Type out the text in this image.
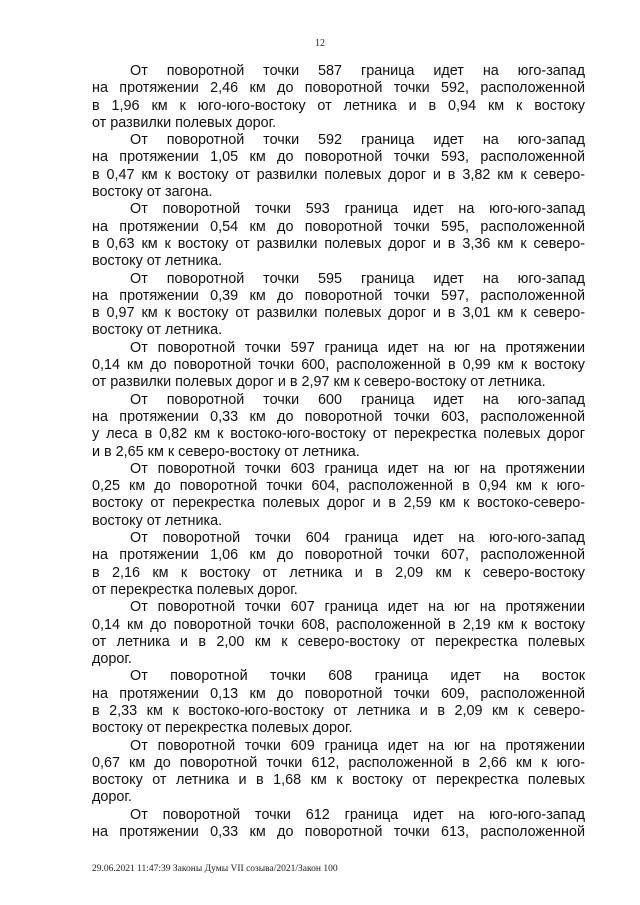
12

От поворотной точки 587 граница идет на юго-запад
на протяжении 2,46 км до поворотной точки 592, расположенной
в 1,96 км к юго-юго-востоку от летника и в 0,94 км к востоку
от развилки полевых дорог.

От поворотной точки 592 граница идет на юго-запад
на протяжении 1,05 км до поворотной точки 593, расположенной
в 0,47 км к востоку от развилки полевых дорог и в 3,82 км к северо-
востоку от загона.

От поворотной точки 593 граница идет на юго-юго-запад
на протяжении 0,54 км до поворотной точки 595, расположенной
в 0,63 км к востоку от развилки полевых дорог и в 3,36 км к северо-
востоку от летника.

От поворотной точки 595 граница идет на юго-запад
на протяжении 0,39 км до поворотной точки 597, расположенной
в 0,97 км к востоку от развилки полевых дорог и в 3,01 км к северо-
востоку от летника.

От поворотной точки 597 граница идет на юг на протяжении
0,14 км до поворотной точки 600, расположенной в 0,99 км к востоку
от развилки полевых дорог и в 2,97 км к северо-востоку от летника.

От поворотной точки 600 граница идет на юго-запад
на протяжении 0,33 км до поворотной точки 603, расположенной
у леса в 0,82 км к востоко-юго-востоку от перекрестка полевых дорог
и в 2,65 км к северо-востоку от летника.

От поворотной точки 603 граница идет на юг на протяжении
0,25 км до поворотной точки 604, расположенной в 0,94 км к юго-
востоку от перекрестка полевых дорог и в 2,59 км к востоко-северо-
востоку от летника.

От поворотной точки 604 граница идет на юго-юго-запад
на протяжении 1,06 км до поворотной точки 607, расположенной
в 2,16 км к востоку от летника и в 2,09 км к северо-востоку
от перекрестка полевых дорог.

От поворотной точки 607 граница идет на юг на протяжении
0,14 км до поворотной точки 608, расположенной в 2,19 км к востоку
от летника и в 2,00 км к северо-востоку от перекрестка полевых
дорог.

От поворотной точки 608 граница идет на восток
на протяжении 0,13 км до поворотной точки 609, расположенной
в 2,33 км к востоко-юго-востоку от летника и в 2,09 км к северо-
востоку от перекрестка полевых дорог.

От поворотной точки 609 граница идет на юг на протяжении
0,67 км до поворотной точки 612, расположенной в 2,66 км к юго-
востоку от летника и в 1,68 км к востоку от перекрестка полевых
дорог.

От поворотной точки 612 граница идет на юго-юго-запад
на протяжении 0,33 км до поворотной точки 613, расположенной

29.06.2021 11:47:39 Законы Думы VII созыва/2021/Закон 100
